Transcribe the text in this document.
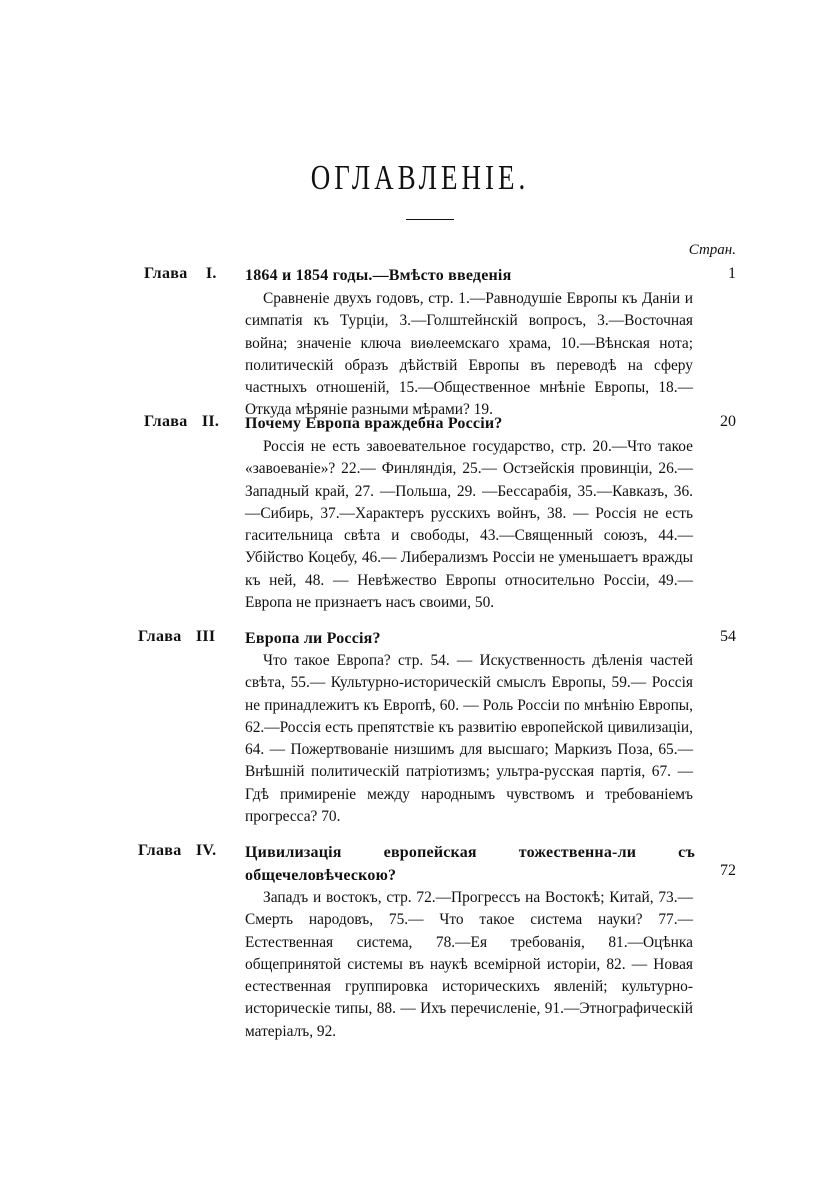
ОГЛАВЛЕНІЕ.
Стран.
Глава I. 1864 и 1854 годы.—Вмѣсто введенія	1

Сравненіе двухъ годовъ, стр. 1.—Равнодушіе Европы къ Даніи и симпатія къ Турціи, 3.—Голштейнскій вопросъ, 3.—Восточная война; значеніе ключа виѳлеемскаго храма, 10.—Вѣнская нота; политическій образъ дѣйствій Европы въ переводѣ на сферу частныхъ отношеній, 15.—Общественное мнѣніе Европы, 18.—Откуда мѣряніе разными мѣрами? 19.

Глава II. Почему Европа враждебна Россіи?	20

Россія не есть завоевательное государство, стр. 20.—Что такое «завоеваніе»? 22.— Финляндія, 25.— Остзейскія провинціи, 26.—Западный край, 27. —Польша, 29. —Бессарабія, 35.—Кавказъ, 36.—Сибирь, 37.—Характеръ русскихъ войнъ, 38. — Россія не есть гасительница свѣта и свободы, 43.—Священный союзъ, 44.— Убійство Коцебу, 46.— Либерализмъ Россіи не уменьшаетъ вражды къ ней, 48. — Невѣжество Европы относительно Россіи, 49.—Европа не признаетъ насъ своими, 50.

Глава III Европа ли Россія?	54

Что такое Европа? стр. 54. — Искуственность дѣленія частей свѣта, 55.— Культурно-историческій смыслъ Европы, 59.— Россія не принадлежитъ къ Европѣ, 60. — Роль Россіи по мнѣнію Европы, 62.—Россія есть препятствіе къ развитію европейской цивилизаціи, 64. — Пожертвованіе низшимъ для высшаго; Маркизъ Поза, 65.—Внѣшній политическій патріотизмъ; ультра-русская партія, 67. — Гдѣ примиреніе между народнымъ чувствомъ и требованіемъ прогресса? 70.

Глава IV. Цивилизація европейская тожественна-ли съ общечеловѣческою?	72

Западъ и востокъ, стр. 72.—Прогрессъ на Востокѣ; Китай, 73.—Смерть народовъ, 75.— Что такое система науки? 77.—Естественная система, 78.—Ея требованія, 81.—Оцѣнка общепринятой системы въ наукѣ всемірной исторіи, 82. — Новая естественная группировка историческихъ явленій; культурно-историческіе типы, 88. — Ихъ перечисленіе, 91.—Этнографическій матеріалъ, 92.
